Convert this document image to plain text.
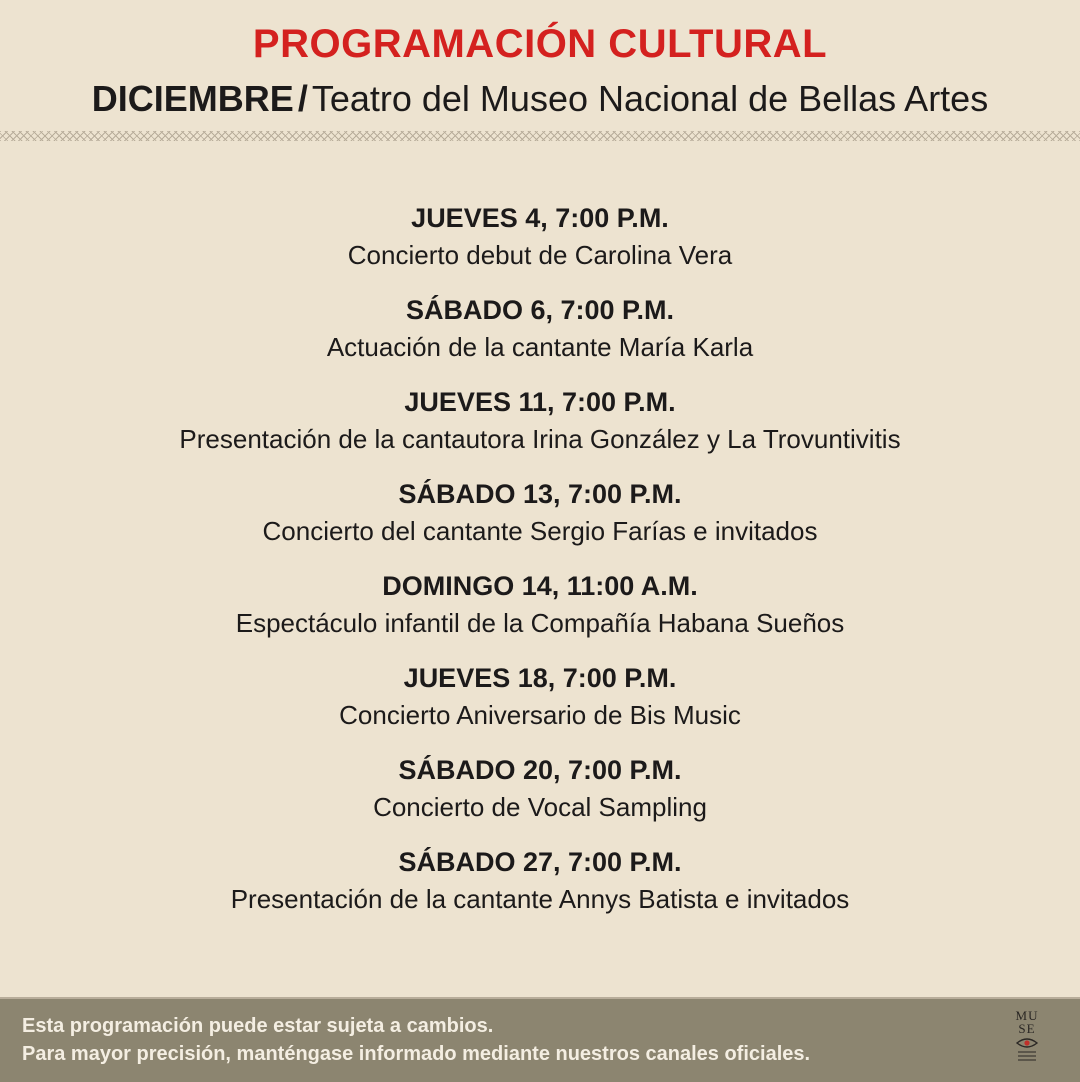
PROGRAMACIÓN CULTURAL
DICIEMBRE / Teatro del Museo Nacional de Bellas Artes
JUEVES 4, 7:00 P.M.
Concierto debut de Carolina Vera
SÁBADO 6, 7:00 P.M.
Actuación de la cantante María Karla
JUEVES 11, 7:00 P.M.
Presentación de la cantautora Irina González y La Trovuntivitis
SÁBADO 13, 7:00 P.M.
Concierto del cantante Sergio Farías e invitados
DOMINGO 14, 11:00 A.M.
Espectáculo infantil de la Compañía Habana Sueños
JUEVES 18, 7:00 P.M.
Concierto Aniversario de Bis Music
SÁBADO 20, 7:00 P.M.
Concierto de Vocal Sampling
SÁBADO 27, 7:00 P.M.
Presentación de la cantante Annys Batista e invitados
Esta programación puede estar sujeta a cambios.
Para mayor precisión, manténgase informado mediante nuestros canales oficiales.
MU
SE
